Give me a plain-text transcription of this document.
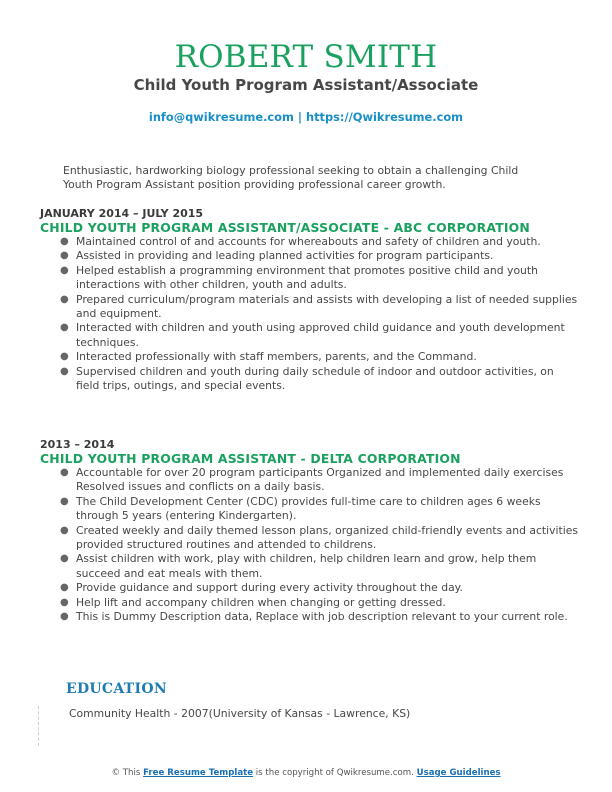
ROBERT SMITH
Child Youth Program Assistant/Associate
info@qwikresume.com | https://Qwikresume.com
Enthusiastic, hardworking biology professional seeking to obtain a challenging Child Youth Program Assistant position providing professional career growth.
JANUARY 2014 – JULY 2015
CHILD YOUTH PROGRAM ASSISTANT/ASSOCIATE - ABC CORPORATION
● Maintained control of and accounts for whereabouts and safety of children and youth.
● Assisted in providing and leading planned activities for program participants.
● Helped establish a programming environment that promotes positive child and youth interactions with other children, youth and adults.
● Prepared curriculum/program materials and assists with developing a list of needed supplies and equipment.
● Interacted with children and youth using approved child guidance and youth development techniques.
● Interacted professionally with staff members, parents, and the Command.
● Supervised children and youth during daily schedule of indoor and outdoor activities, on field trips, outings, and special events.
2013 – 2014
CHILD YOUTH PROGRAM ASSISTANT - DELTA CORPORATION
● Accountable for over 20 program participants Organized and implemented daily exercises Resolved issues and conflicts on a daily basis.
● The Child Development Center (CDC) provides full-time care to children ages 6 weeks through 5 years (entering Kindergarten).
● Created weekly and daily themed lesson plans, organized child-friendly events and activities provided structured routines and attended to childrens.
● Assist children with work, play with children, help children learn and grow, help them succeed and eat meals with them.
● Provide guidance and support during every activity throughout the day.
● Help lift and accompany children when changing or getting dressed.
● This is Dummy Description data, Replace with job description relevant to your current role.
EDUCATION
Community Health - 2007(University of Kansas - Lawrence, KS)
© This Free Resume Template is the copyright of Qwikresume.com. Usage Guidelines
